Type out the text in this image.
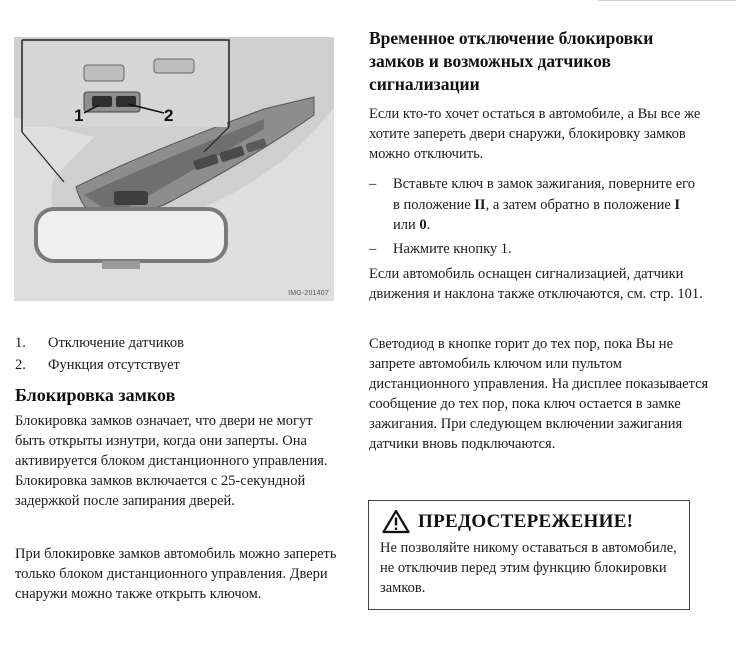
1	2
IMG-201407
1.	Отключение датчиков
2.	Функция отсутствует
Блокировка замков

Блокировка замков означает, что двери не могут быть открыты изнутри, когда они заперты. Она активируется блоком дистанционного управления. Блокировка замков включается с 25-секундной задержкой после запирания дверей.

При блокировке замков автомобиль можно запереть только блоком дистанционного управления. Двери снаружи можно также открыть ключом.

Временное отключение блокировки замков и возможных датчиков сигнализации

Если кто-то хочет остаться в автомобиле, а Вы все же хотите запереть двери снаружи, блокировку замков можно отключить.

–	Вставьте ключ в замок зажигания, поверните его в положение II, а затем обратно в положение I или 0.
–	Нажмите кнопку 1.

Если автомобиль оснащен сигнализацией, датчики движения и наклона также отключаются, см. стр. 101.

Светодиод в кнопке горит до тех пор, пока Вы не запрете автомобиль ключом или пультом дистанционного управления. На дисплее показывается сообщение до тех пор, пока ключ остается в замке зажигания. При следующем включении зажигания датчики вновь подключаются.

ПРЕДОСТЕРЕЖЕНИЕ!

Не позволяйте никому оставаться в автомобиле, не отключив перед этим функцию блокировки замков.
